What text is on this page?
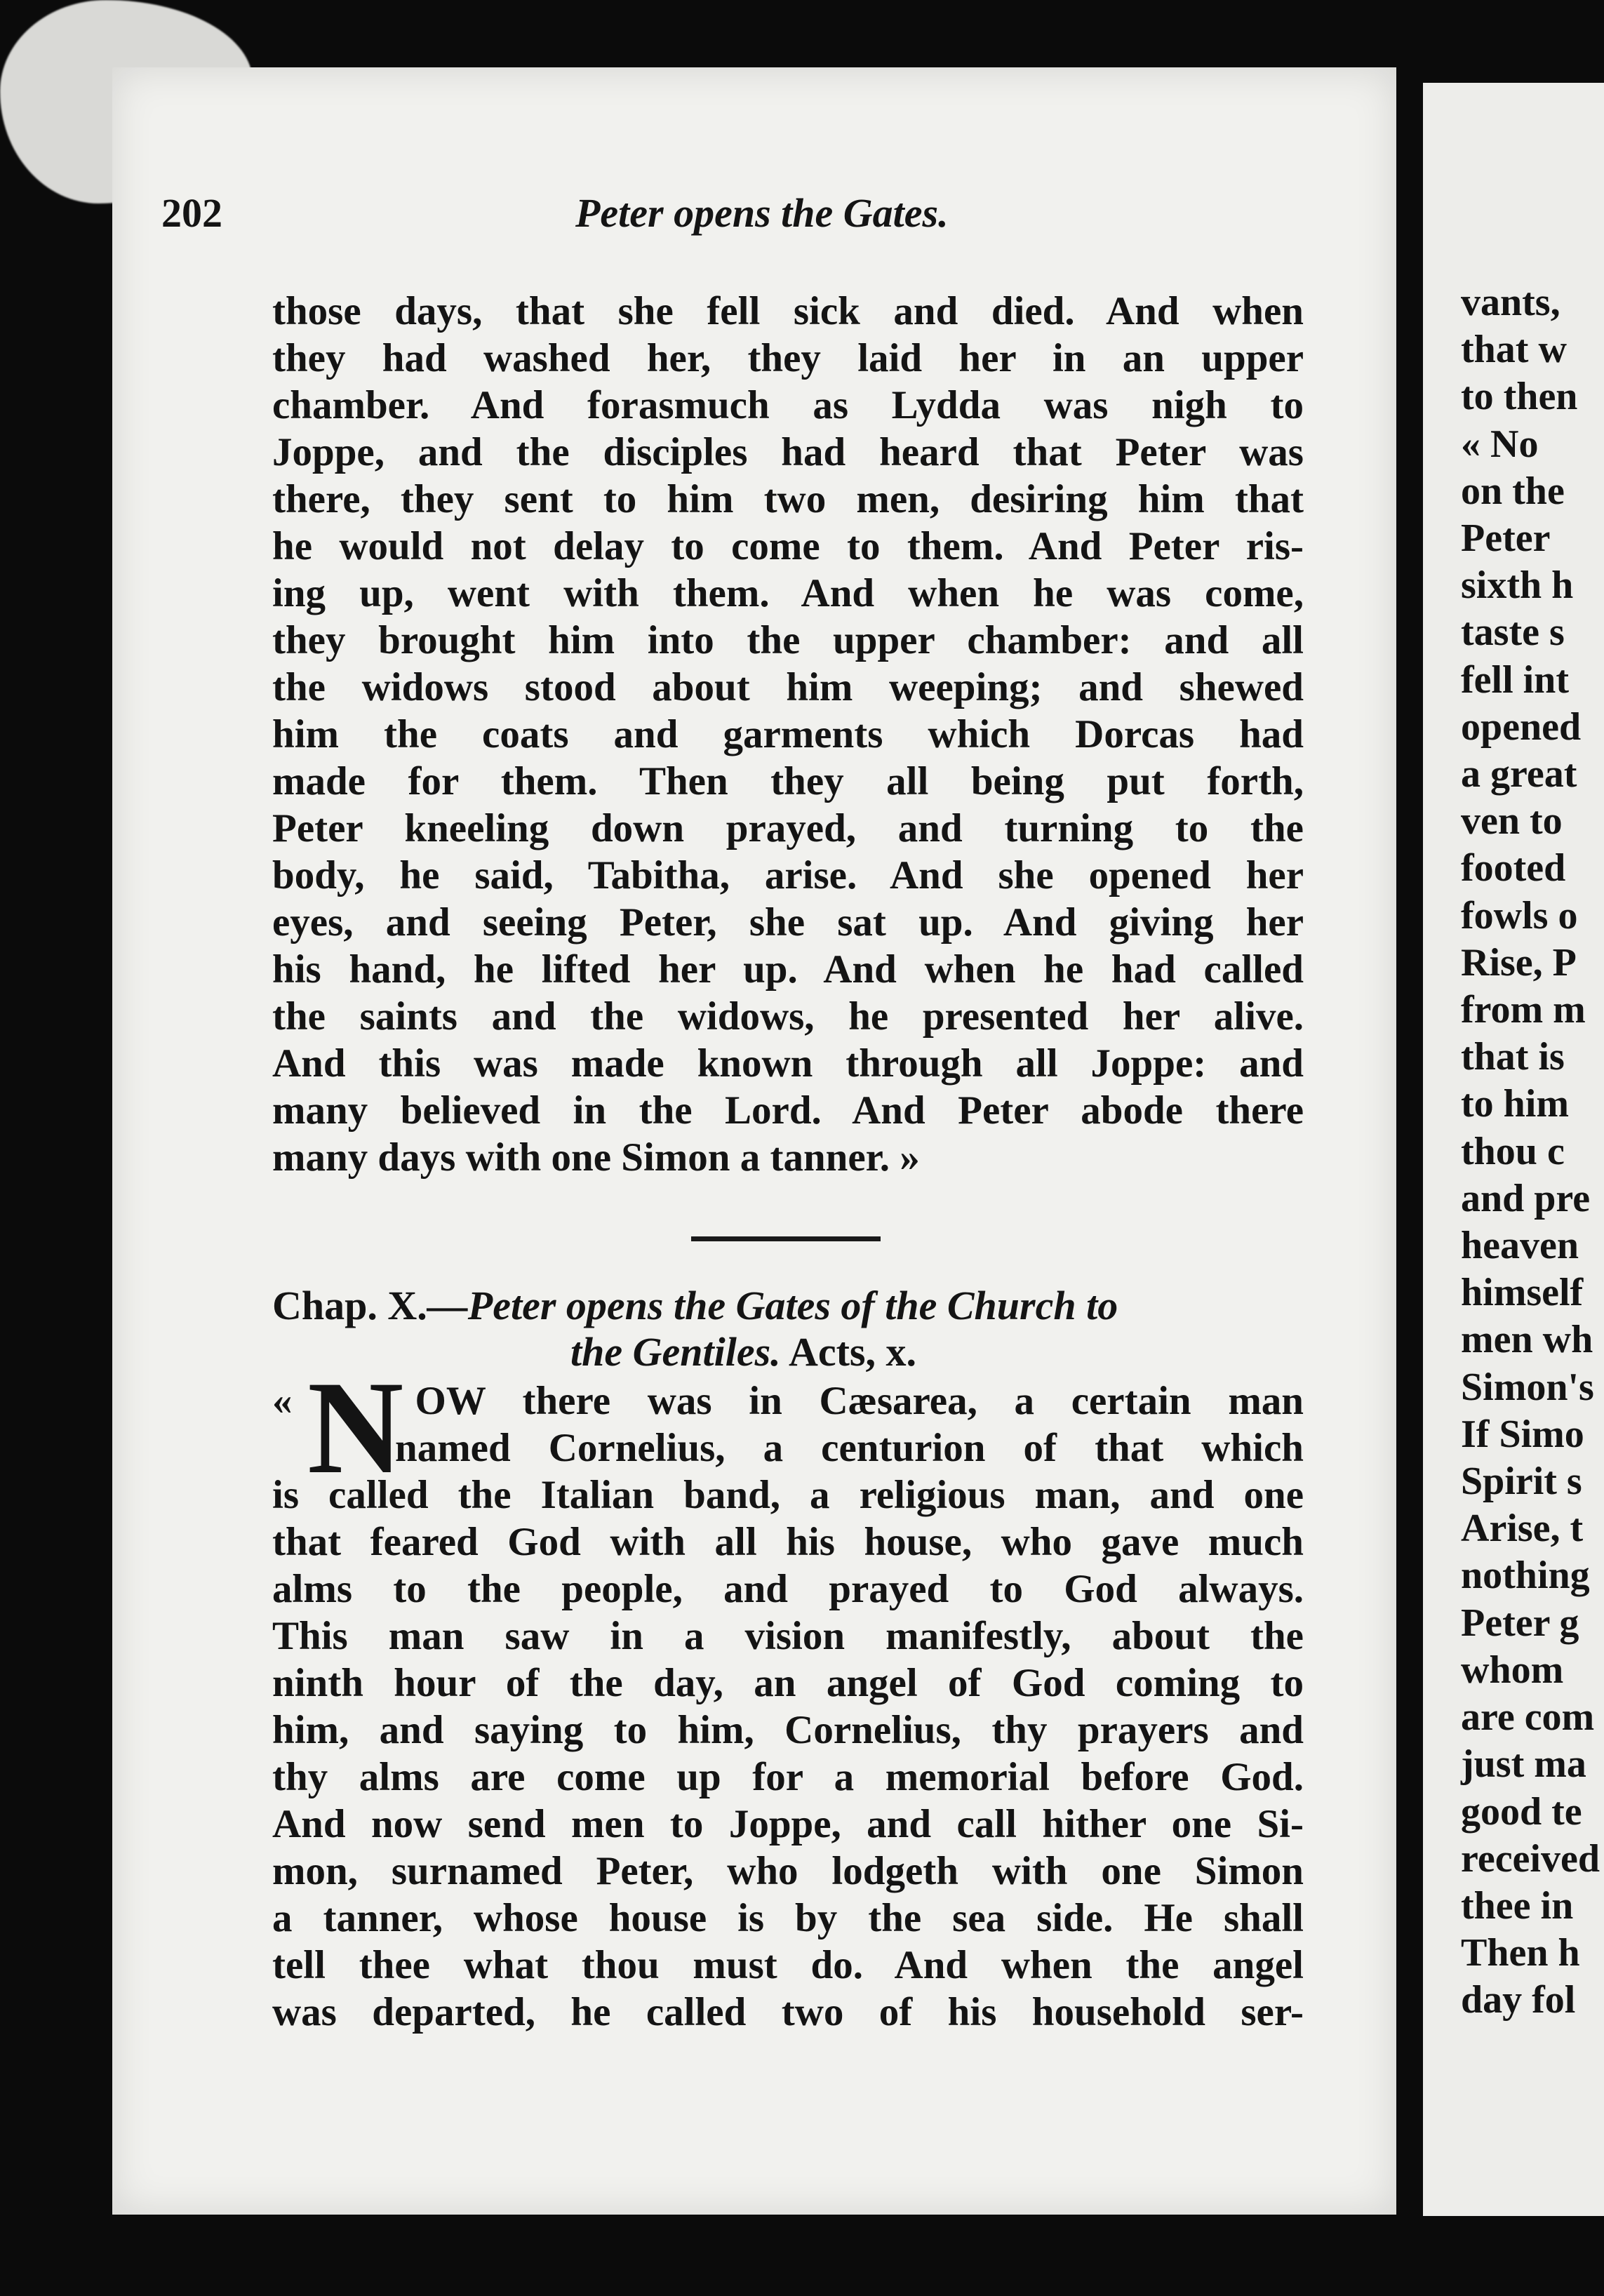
202	Peter opens the Gates.
those days, that she fell sick and died. And when
they had washed her, they laid her in an upper
chamber. And forasmuch as Lydda was nigh to
Joppe, and the disciples had heard that Peter was
there, they sent to him two men, desiring him that
he would not delay to come to them. And Peter ris-
ing up, went with them. And when he was come,
they brought him into the upper chamber: and all
the widows stood about him weeping; and shewed
him the coats and garments which Dorcas had
made for them. Then they all being put forth,
Peter kneeling down prayed, and turning to the
body, he said, Tabitha, arise. And she opened her
eyes, and seeing Peter, she sat up. And giving her
his hand, he lifted her up. And when he had called
the saints and the widows, he presented her alive.
And this was made known through all Joppe: and
many believed in the Lord. And Peter abode there
many days with one Simon a tanner. »
Chap. X.—Peter opens the Gates of the Church to
the Gentiles. Acts, x.
N
«	OW there was in Cæsarea, a certain man
named Cornelius, a centurion of that which
is called the Italian band, a religious man, and one
that feared God with all his house, who gave much
alms to the people, and prayed to God always.
This man saw in a vision manifestly, about the
ninth hour of the day, an angel of God coming to
him, and saying to him, Cornelius, thy prayers and
thy alms are come up for a memorial before God.
And now send men to Joppe, and call hither one Si-
mon, surnamed Peter, who lodgeth with one Simon
a tanner, whose house is by the sea side. He shall
tell thee what thou must do. And when the angel
was departed, he called two of his household ser-
vants,
that w
to then
« No
on the
Peter
sixth h
taste s
fell int
opened
a great
ven to
footed
fowls o
Rise, P
from m
that is
to him
thou c
and pre
heaven
himself
men wh
Simon's
If Simo
Spirit s
Arise, t
nothing
Peter g
whom
are com
just ma
good te
received
thee in
Then h
day fol
